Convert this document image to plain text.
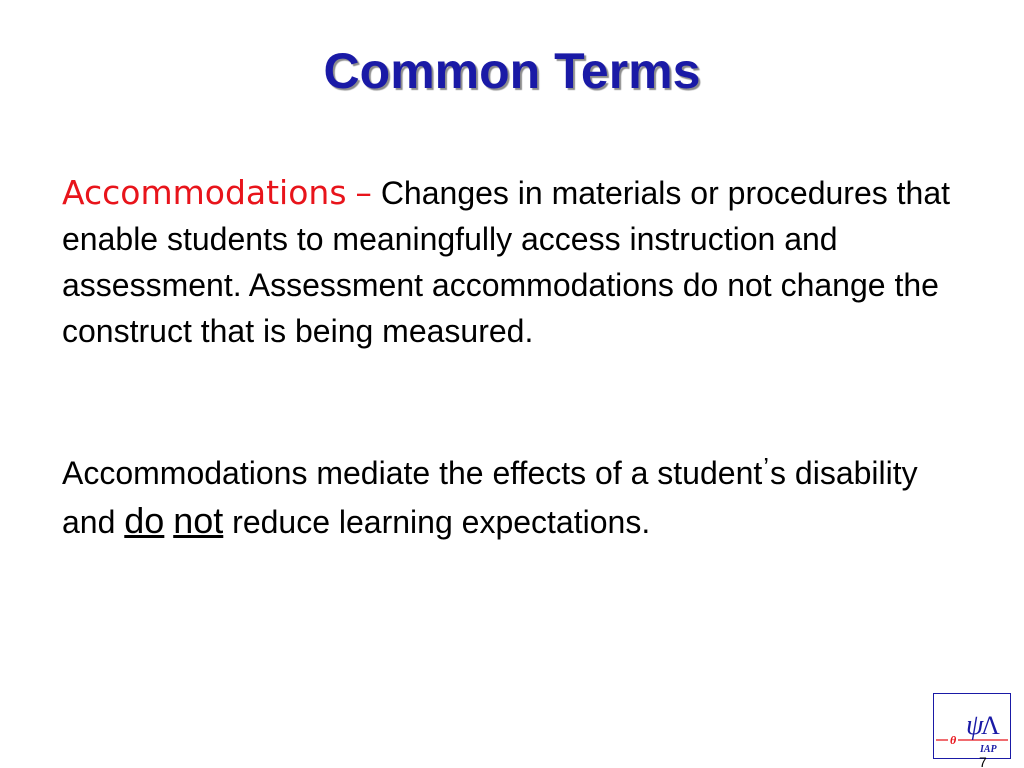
Common Terms

Accommodations – Changes in materials or procedures that enable students to meaningfully access instruction and assessment. Assessment accommodations do not change the construct that is being measured.

Accommodations mediate the effects of a student’s disability and do not reduce learning expectations.

θ ψ
Λ
IAP
7
